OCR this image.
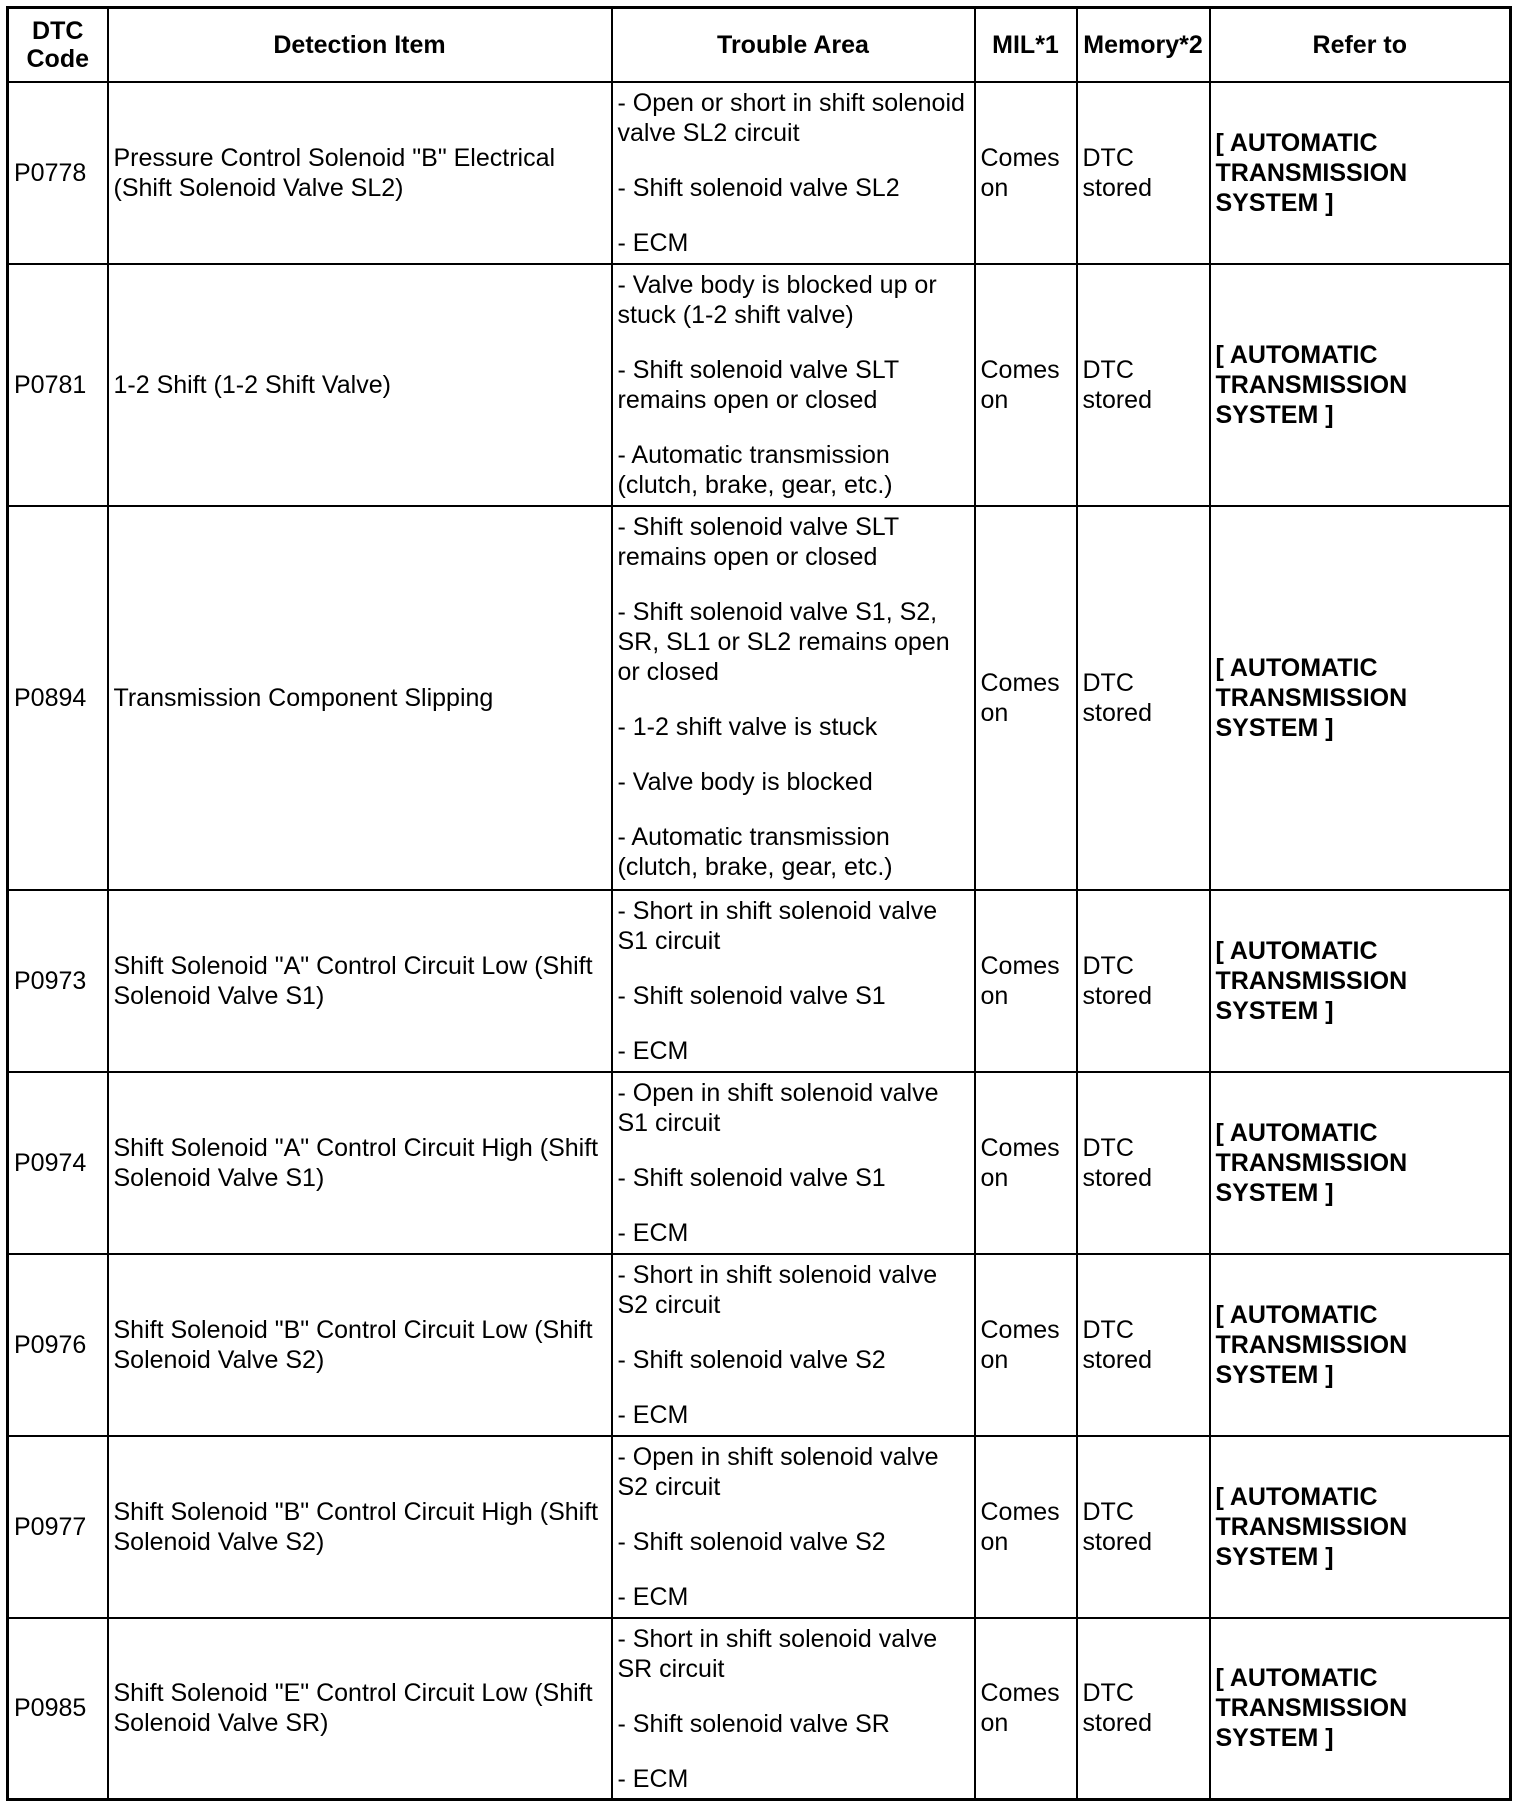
DTC Code	Detection Item	Trouble Area	MIL*1	Memory*2	Refer to
P0778	Pressure Control Solenoid "B" Electrical (Shift Solenoid Valve SL2)	- Open or short in shift solenoid valve SL2 circuit
- Shift solenoid valve SL2
- ECM	Comes on	DTC stored	[ AUTOMATIC TRANSMISSION SYSTEM ]
P0781	1-2 Shift (1-2 Shift Valve)	- Valve body is blocked up or stuck (1-2 shift valve)
- Shift solenoid valve SLT remains open or closed
- Automatic transmission (clutch, brake, gear, etc.)	Comes on	DTC stored	[ AUTOMATIC TRANSMISSION SYSTEM ]
P0894	Transmission Component Slipping	- Shift solenoid valve SLT remains open or closed
- Shift solenoid valve S1, S2, SR, SL1 or SL2 remains open or closed
- 1-2 shift valve is stuck
- Valve body is blocked
- Automatic transmission (clutch, brake, gear, etc.)	Comes on	DTC stored	[ AUTOMATIC TRANSMISSION SYSTEM ]
P0973	Shift Solenoid "A" Control Circuit Low (Shift Solenoid Valve S1)	- Short in shift solenoid valve S1 circuit
- Shift solenoid valve S1
- ECM	Comes on	DTC stored	[ AUTOMATIC TRANSMISSION SYSTEM ]
P0974	Shift Solenoid "A" Control Circuit High (Shift Solenoid Valve S1)	- Open in shift solenoid valve S1 circuit
- Shift solenoid valve S1
- ECM	Comes on	DTC stored	[ AUTOMATIC TRANSMISSION SYSTEM ]
P0976	Shift Solenoid "B" Control Circuit Low (Shift Solenoid Valve S2)	- Short in shift solenoid valve S2 circuit
- Shift solenoid valve S2
- ECM	Comes on	DTC stored	[ AUTOMATIC TRANSMISSION SYSTEM ]
P0977	Shift Solenoid "B" Control Circuit High (Shift Solenoid Valve S2)	- Open in shift solenoid valve S2 circuit
- Shift solenoid valve S2
- ECM	Comes on	DTC stored	[ AUTOMATIC TRANSMISSION SYSTEM ]
P0985	Shift Solenoid "E" Control Circuit Low (Shift Solenoid Valve SR)	- Short in shift solenoid valve SR circuit
- Shift solenoid valve SR
- ECM	Comes on	DTC stored	[ AUTOMATIC TRANSMISSION SYSTEM ]
